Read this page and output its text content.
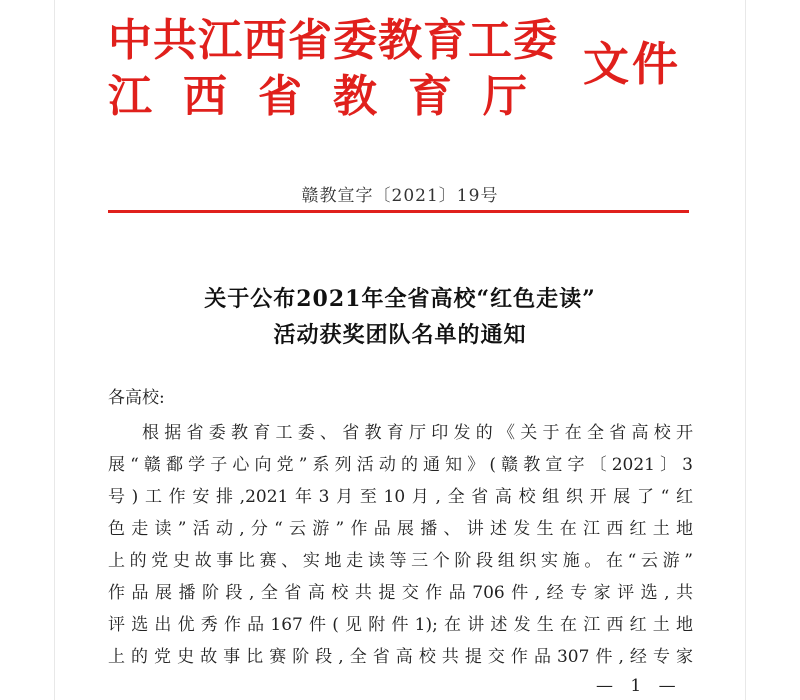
中共江西省委教育工委
江西省教育厅
文件
赣教宣字〔2021〕19号
关于公布2021年全省高校“红色走读”
活动获奖团队名单的通知
各高校:
根据省委教育工委、省教育厅印发的《关于在全省高校开
展“赣鄱学子心向党”系列活动的通知》(赣教宣字〔2021〕3
号)工作安排,2021年3月至10月,全省高校组织开展了“红
色走读”活动,分“云游”作品展播、讲述发生在江西红土地
上的党史故事比赛、实地走读等三个阶段组织实施。在“云游”
作品展播阶段,全省高校共提交作品706件,经专家评选,共
评选出优秀作品167件(见附件1);在讲述发生在江西红土地
上的党史故事比赛阶段,全省高校共提交作品307件,经专家
— 1 —
